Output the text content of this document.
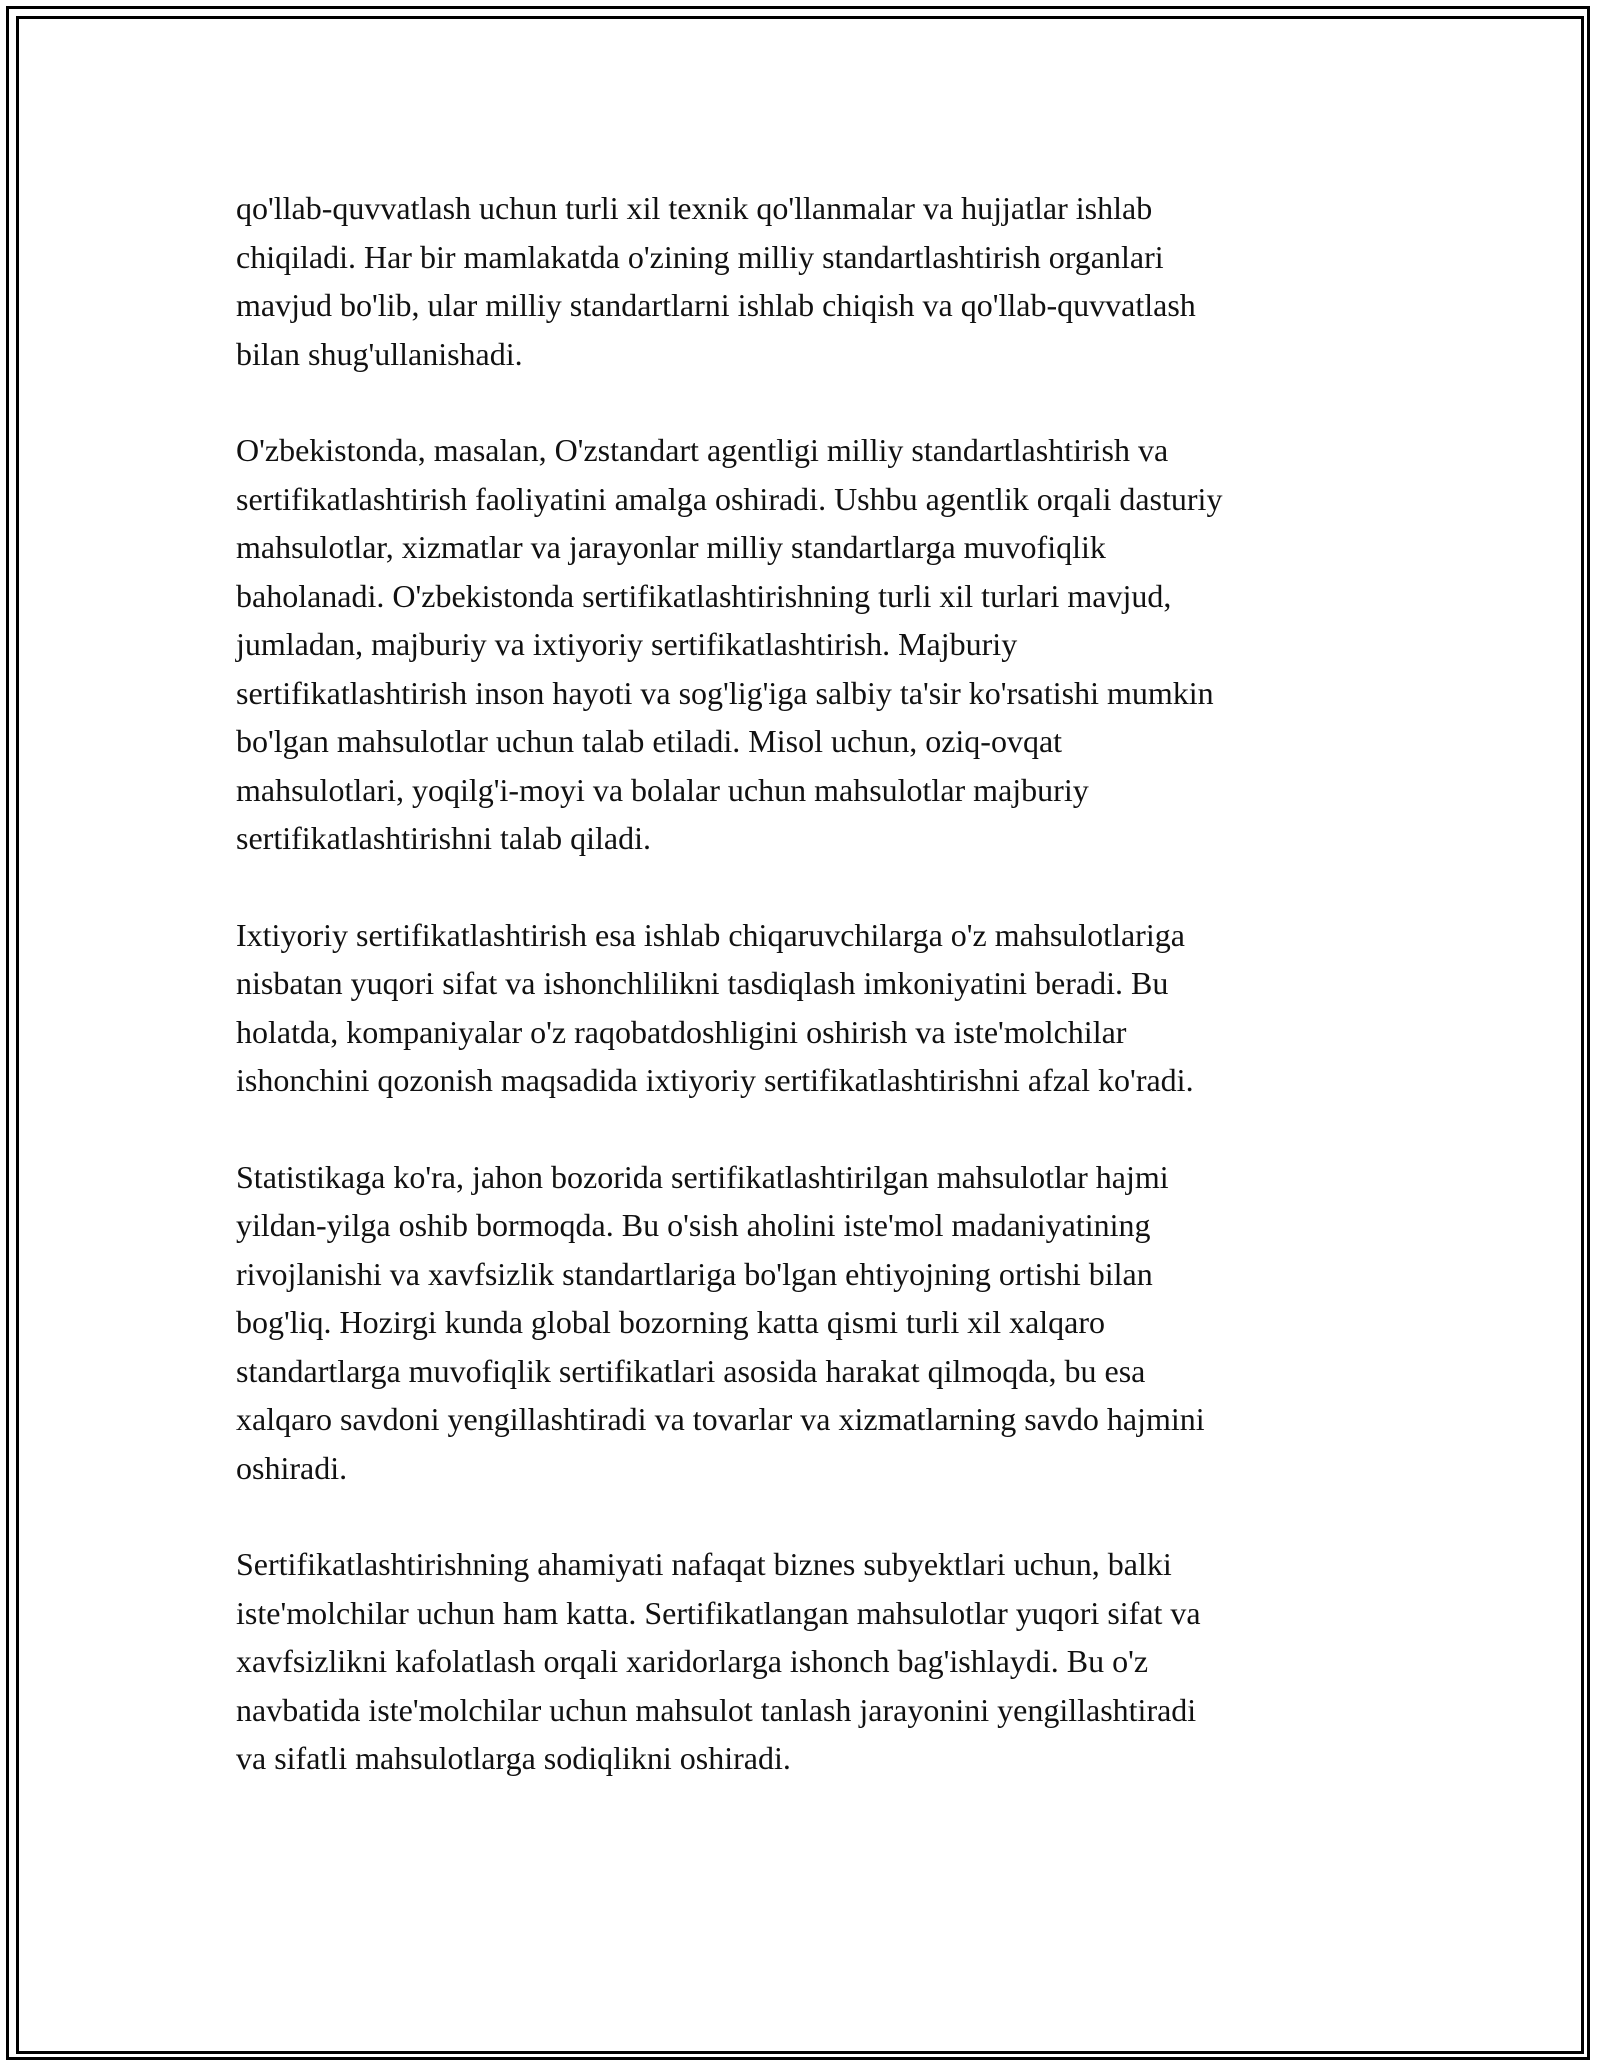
qo'llab-quvvatlash uchun turli xil texnik qo'llanmalar va hujjatlar ishlab
chiqiladi. Har bir mamlakatda o'zining milliy standartlashtirish organlari
mavjud bo'lib, ular milliy standartlarni ishlab chiqish va qo'llab-quvvatlash
bilan shug'ullanishadi.

O'zbekistonda, masalan, O'zstandart agentligi milliy standartlashtirish va
sertifikatlashtirish faoliyatini amalga oshiradi. Ushbu agentlik orqali dasturiy
mahsulotlar, xizmatlar va jarayonlar milliy standartlarga muvofiqlik
baholanadi. O'zbekistonda sertifikatlashtirishning turli xil turlari mavjud,
jumladan, majburiy va ixtiyoriy sertifikatlashtirish. Majburiy
sertifikatlashtirish inson hayoti va sog'lig'iga salbiy ta'sir ko'rsatishi mumkin
bo'lgan mahsulotlar uchun talab etiladi. Misol uchun, oziq-ovqat
mahsulotlari, yoqilg'i-moyi va bolalar uchun mahsulotlar majburiy
sertifikatlashtirishni talab qiladi.

Ixtiyoriy sertifikatlashtirish esa ishlab chiqaruvchilarga o'z mahsulotlariga
nisbatan yuqori sifat va ishonchlilikni tasdiqlash imkoniyatini beradi. Bu
holatda, kompaniyalar o'z raqobatdoshligini oshirish va iste'molchilar
ishonchini qozonish maqsadida ixtiyoriy sertifikatlashtirishni afzal ko'radi.

Statistikaga ko'ra, jahon bozorida sertifikatlashtirilgan mahsulotlar hajmi
yildan-yilga oshib bormoqda. Bu o'sish aholini iste'mol madaniyatining
rivojlanishi va xavfsizlik standartlariga bo'lgan ehtiyojning ortishi bilan
bog'liq. Hozirgi kunda global bozorning katta qismi turli xil xalqaro
standartlarga muvofiqlik sertifikatlari asosida harakat qilmoqda, bu esa
xalqaro savdoni yengillashtiradi va tovarlar va xizmatlarning savdo hajmini
oshiradi.

Sertifikatlashtirishning ahamiyati nafaqat biznes subyektlari uchun, balki
iste'molchilar uchun ham katta. Sertifikatlangan mahsulotlar yuqori sifat va
xavfsizlikni kafolatlash orqali xaridorlarga ishonch bag'ishlaydi. Bu o'z
navbatida iste'molchilar uchun mahsulot tanlash jarayonini yengillashtiradi
va sifatli mahsulotlarga sodiqlikni oshiradi.
